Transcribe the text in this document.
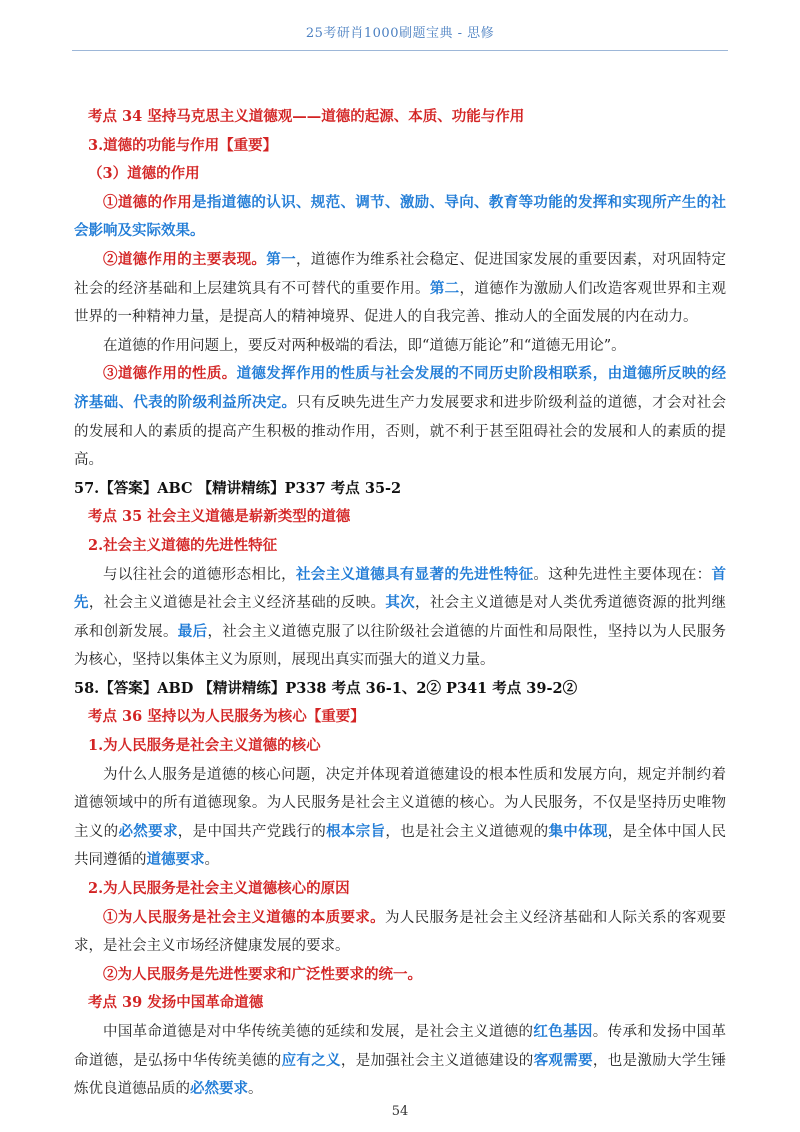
25考研肖1000刷题宝典 - 思修

考点 34 坚持马克思主义道德观——道德的起源、本质、功能与作用

3.道德的功能与作用【重要】

（3）道德的作用

①道德的作用是指道德的认识、规范、调节、激励、导向、教育等功能的发挥和实现所产生的社会影响及实际效果。

②道德作用的主要表现。第一，道德作为维系社会稳定、促进国家发展的重要因素，对巩固特定社会的经济基础和上层建筑具有不可替代的重要作用。第二，道德作为激励人们改造客观世界和主观世界的一种精神力量，是提高人的精神境界、促进人的自我完善、推动人的全面发展的内在动力。

在道德的作用问题上，要反对两种极端的看法，即“道德万能论”和“道德无用论”。

③道德作用的性质。道德发挥作用的性质与社会发展的不同历史阶段相联系，由道德所反映的经济基础、代表的阶级利益所决定。只有反映先进生产力发展要求和进步阶级利益的道德，才会对社会的发展和人的素质的提高产生积极的推动作用，否则，就不利于甚至阻碍社会的发展和人的素质的提高。

57.【答案】ABC 【精讲精练】P337 考点 35-2

考点 35 社会主义道德是崭新类型的道德

2.社会主义道德的先进性特征

与以往社会的道德形态相比，社会主义道德具有显著的先进性特征。这种先进性主要体现在：首先，社会主义道德是社会主义经济基础的反映。其次，社会主义道德是对人类优秀道德资源的批判继承和创新发展。最后，社会主义道德克服了以往阶级社会道德的片面性和局限性，坚持以为人民服务为核心，坚持以集体主义为原则，展现出真实而强大的道义力量。

58.【答案】ABD 【精讲精练】P338 考点 36-1、2② P341 考点 39-2②

考点 36 坚持以为人民服务为核心【重要】

1.为人民服务是社会主义道德的核心

为什么人服务是道德的核心问题，决定并体现着道德建设的根本性质和发展方向，规定并制约着道德领域中的所有道德现象。为人民服务是社会主义道德的核心。为人民服务，不仅是坚持历史唯物主义的必然要求，是中国共产党践行的根本宗旨，也是社会主义道德观的集中体现，是全体中国人民共同遵循的道德要求。

2.为人民服务是社会主义道德核心的原因

①为人民服务是社会主义道德的本质要求。为人民服务是社会主义经济基础和人际关系的客观要求，是社会主义市场经济健康发展的要求。

②为人民服务是先进性要求和广泛性要求的统一。

考点 39 发扬中国革命道德

中国革命道德是对中华传统美德的延续和发展，是社会主义道德的红色基因。传承和发扬中国革命道德，是弘扬中华传统美德的应有之义，是加强社会主义道德建设的客观需要，也是激励大学生锤炼优良道德品质的必然要求。

54
